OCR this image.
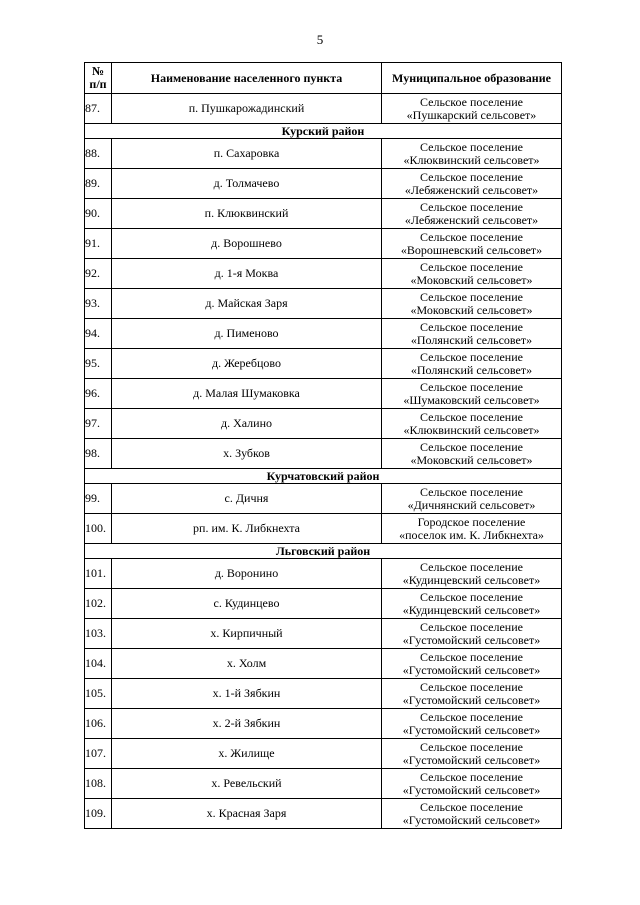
5
№
п/п	Наименование населенного пункта	Муниципальное образование
87.	п. Пушкарожадинский	Сельское поселение
«Пушкарский сельсовет»

Курский район		
88.	п. Сахаровка	Сельское поселение
«Клюквинский сельсовет»

89.	д. Толмачево	Сельское поселение
«Лебяженский сельсовет»

90.	п. Клюквинский	Сельское поселение
«Лебяженский сельсовет»

91.	д. Ворошнево	Сельское поселение
«Ворошневский сельсовет»

92.	д. 1-я Моква	Сельское поселение
«Моковский сельсовет»

93.	д. Майская Заря	Сельское поселение
«Моковский сельсовет»

94.	д. Пименово	Сельское поселение
«Полянский сельсовет»

95.	д. Жеребцово	Сельское поселение
«Полянский сельсовет»

96.	д. Малая Шумаковка	Сельское поселение
«Шумаковский сельсовет»

97.	д. Халино	Сельское поселение
«Клюквинский сельсовет»

98.	х. Зубков	Сельское поселение
«Моковский сельсовет»

Курчатовский район		
99.	с. Дичня	Сельское поселение
«Дичнянский сельсовет»

100.	рп. им. К. Либкнехта	Городское поселение
«поселок им. К. Либкнехта»

Льговский район		
101.	д. Воронино	Сельское поселение
«Кудинцевский сельсовет»

102.	с. Кудинцево	Сельское поселение
«Кудинцевский сельсовет»

103.	х. Кирпичный	Сельское поселение
«Густомойский сельсовет»

104.	х. Холм	Сельское поселение
«Густомойский сельсовет»

105.	х. 1-й Зябкин	Сельское поселение
«Густомойский сельсовет»

106.	х. 2-й Зябкин	Сельское поселение
«Густомойский сельсовет»

107.	х. Жилище	Сельское поселение
«Густомойский сельсовет»

108.	х. Ревельский	Сельское поселение
«Густомойский сельсовет»

109.	х. Красная Заря	Сельское поселение
«Густомойский сельсовет»
